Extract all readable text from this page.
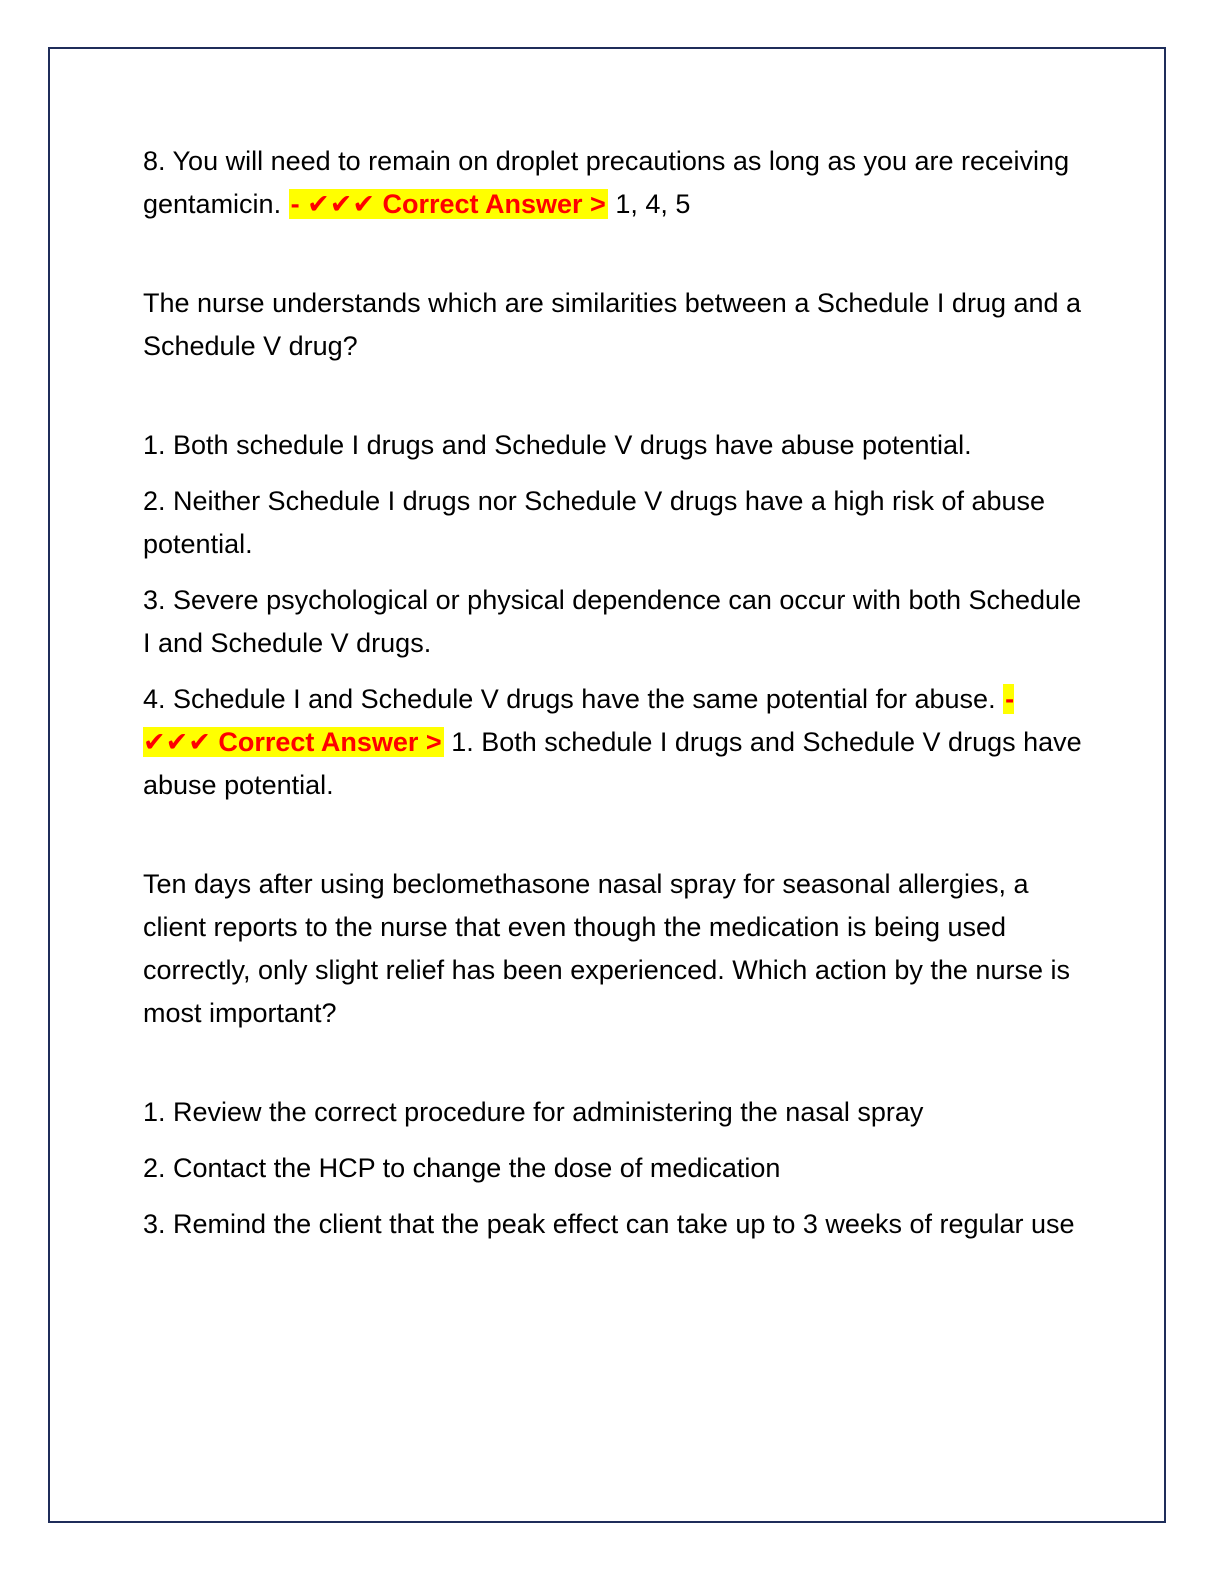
8. You will need to remain on droplet precautions as long as you are receiving gentamicin. - ✔✔✔ Correct Answer > 1, 4, 5

The nurse understands which are similarities between a Schedule I drug and a Schedule V drug?

1. Both schedule I drugs and Schedule V drugs have abuse potential.

2. Neither Schedule I drugs nor Schedule V drugs have a high risk of abuse potential.

3. Severe psychological or physical dependence can occur with both Schedule I and Schedule V drugs.

4. Schedule I and Schedule V drugs have the same potential for abuse. - ✔✔✔ Correct Answer > 1. Both schedule I drugs and Schedule V drugs have abuse potential.

Ten days after using beclomethasone nasal spray for seasonal allergies, a client reports to the nurse that even though the medication is being used correctly, only slight relief has been experienced. Which action by the nurse is most important?

1. Review the correct procedure for administering the nasal spray

2. Contact the HCP to change the dose of medication

3. Remind the client that the peak effect can take up to 3 weeks of regular use
